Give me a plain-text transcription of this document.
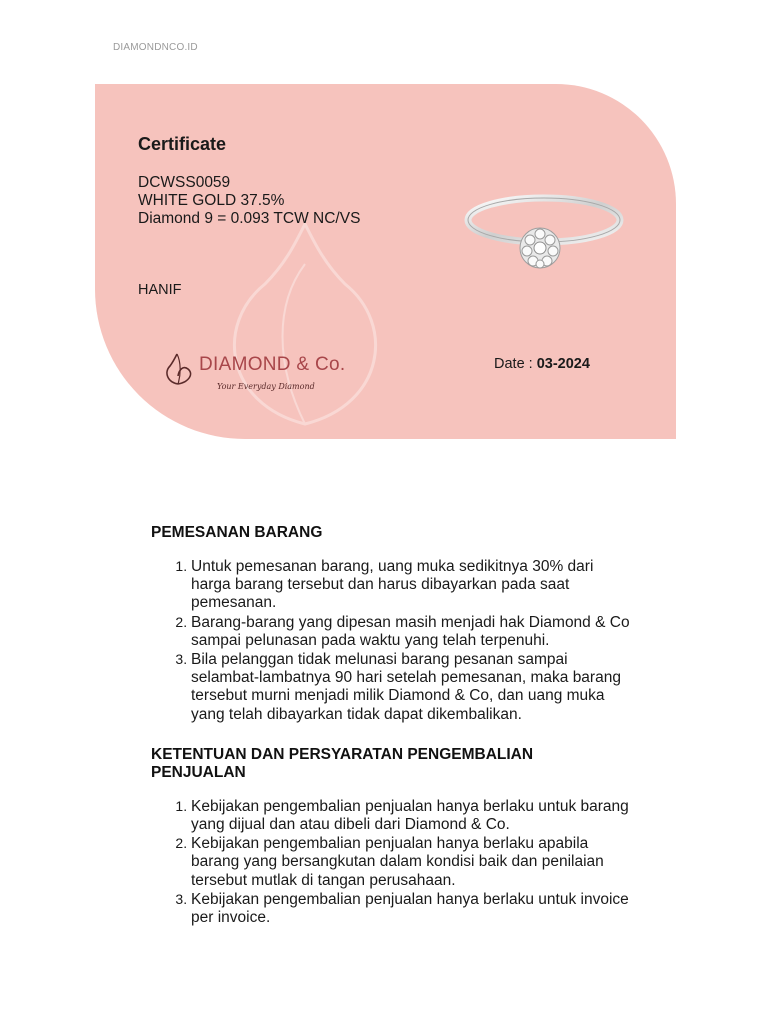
DIAMONDNCO.ID
Certificate
DCWSS0059
WHITE GOLD 37.5%
Diamond 9 = 0.093 TCW NC/VS
HANIF
DIAMOND & Co.
Your Everyday Diamond
Date : 03-2024
PEMESANAN BARANG
1. Untuk pemesanan barang, uang muka sedikitnya 30% dari harga barang tersebut dan harus dibayarkan pada saat pemesanan.
2. Barang-barang yang dipesan masih menjadi hak Diamond & Co sampai pelunasan pada waktu yang telah terpenuhi.
3. Bila pelanggan tidak melunasi barang pesanan sampai selambat-lambatnya 90 hari setelah pemesanan, maka barang tersebut murni menjadi milik Diamond & Co, dan uang muka yang telah dibayarkan tidak dapat dikembalikan.
KETENTUAN DAN PERSYARATAN PENGEMBALIAN PENJUALAN
1. Kebijakan pengembalian penjualan hanya berlaku untuk barang yang dijual dan atau dibeli dari Diamond & Co.
2. Kebijakan pengembalian penjualan hanya berlaku apabila barang yang bersangkutan dalam kondisi baik dan penilaian tersebut mutlak di tangan perusahaan.
3. Kebijakan pengembalian penjualan hanya berlaku untuk invoice per invoice.
